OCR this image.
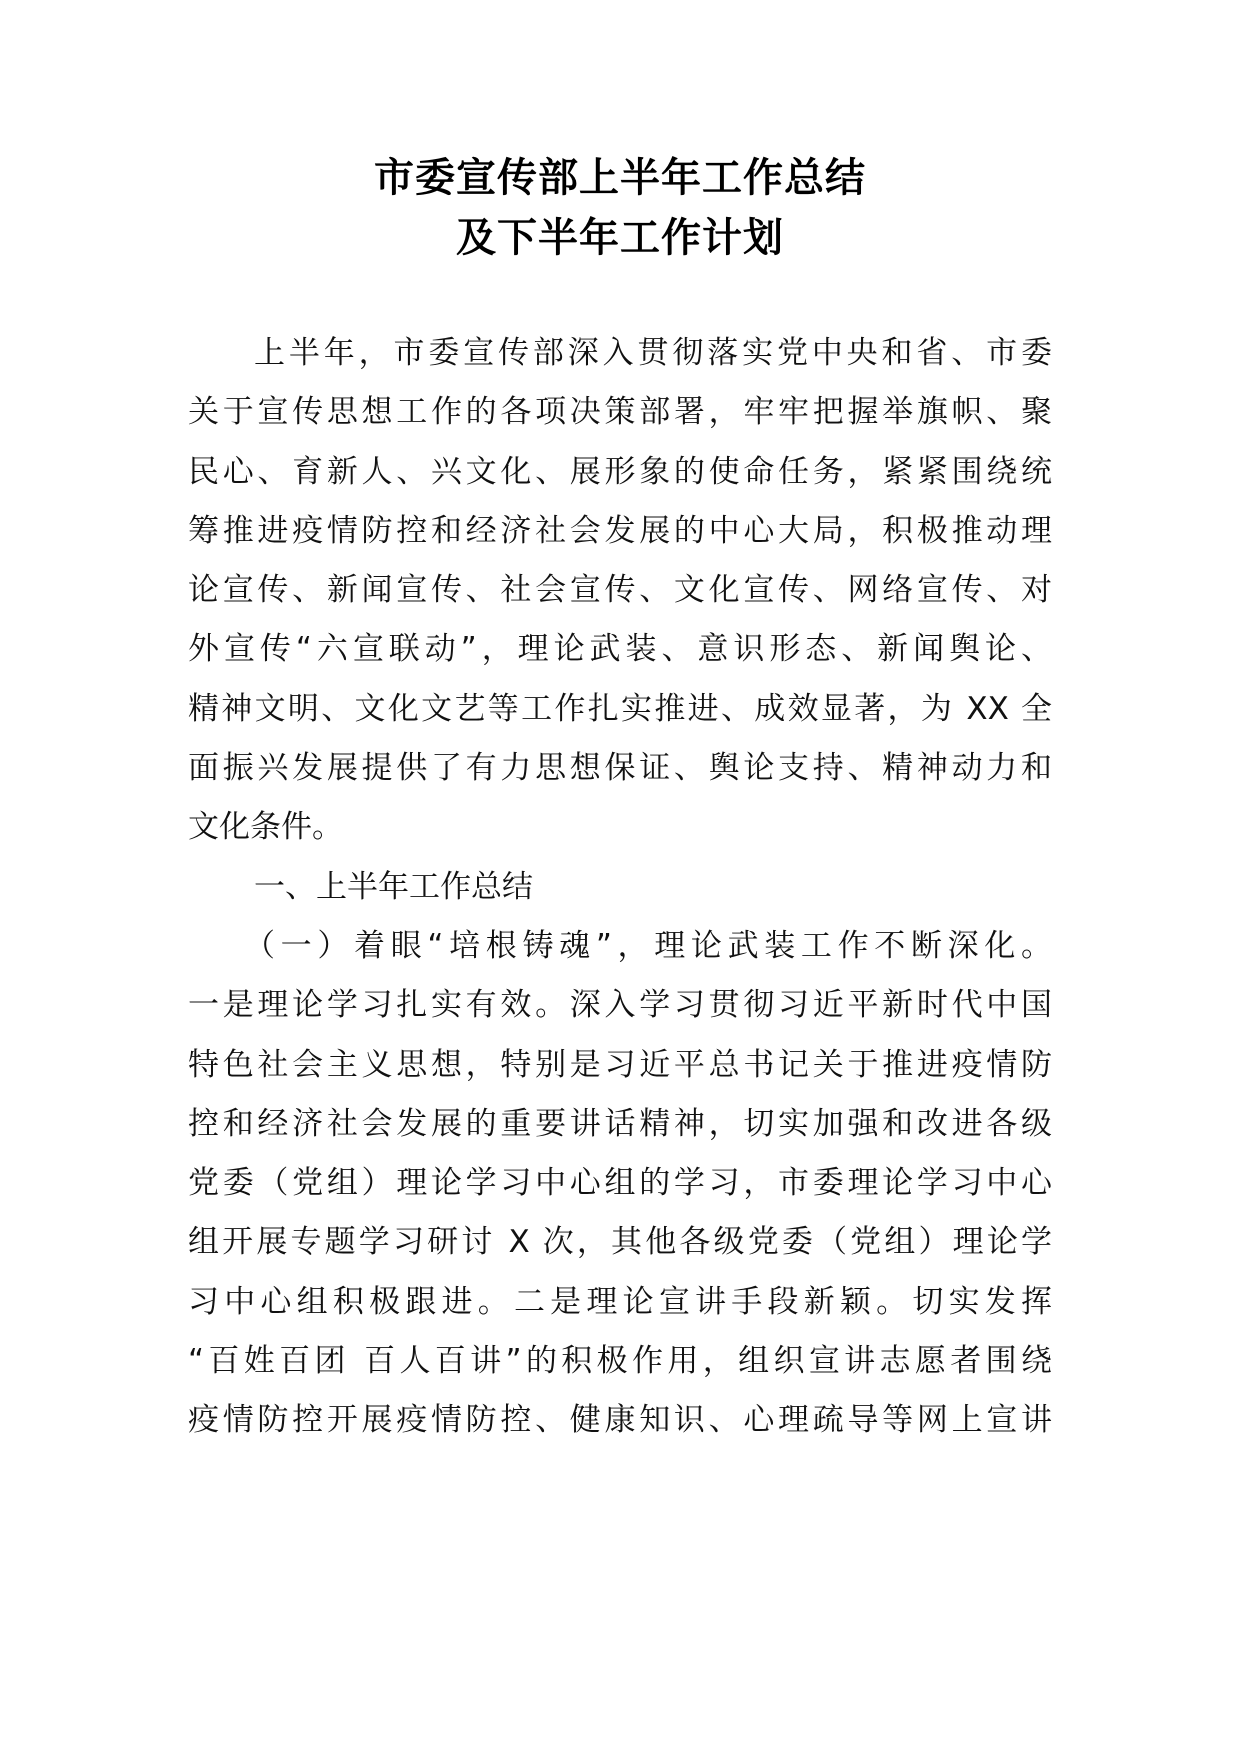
市委宣传部上半年工作总结
及下半年工作计划
上半年，市委宣传部深入贯彻落实党中央和省、市委
关于宣传思想工作的各项决策部署，牢牢把握举旗帜、聚
民心、育新人、兴文化、展形象的使命任务，紧紧围绕统
筹推进疫情防控和经济社会发展的中心大局，积极推动理
论宣传、新闻宣传、社会宣传、文化宣传、网络宣传、对
外宣传“六宣联动”，理论武装、意识形态、新闻舆论、
精神文明、文化文艺等工作扎实推进、成效显著，为 XX 全
面振兴发展提供了有力思想保证、舆论支持、精神动力和
文化条件。
一、上半年工作总结
（一）着眼“培根铸魂”，理论武装工作不断深化。
一是理论学习扎实有效。深入学习贯彻习近平新时代中国
特色社会主义思想，特别是习近平总书记关于推进疫情防
控和经济社会发展的重要讲话精神，切实加强和改进各级
党委（党组）理论学习中心组的学习，市委理论学习中心
组开展专题学习研讨 X 次，其他各级党委（党组）理论学
习中心组积极跟进。二是理论宣讲手段新颖。切实发挥
“百姓百团 百人百讲”的积极作用，组织宣讲志愿者围绕
疫情防控开展疫情防控、健康知识、心理疏导等网上宣讲
